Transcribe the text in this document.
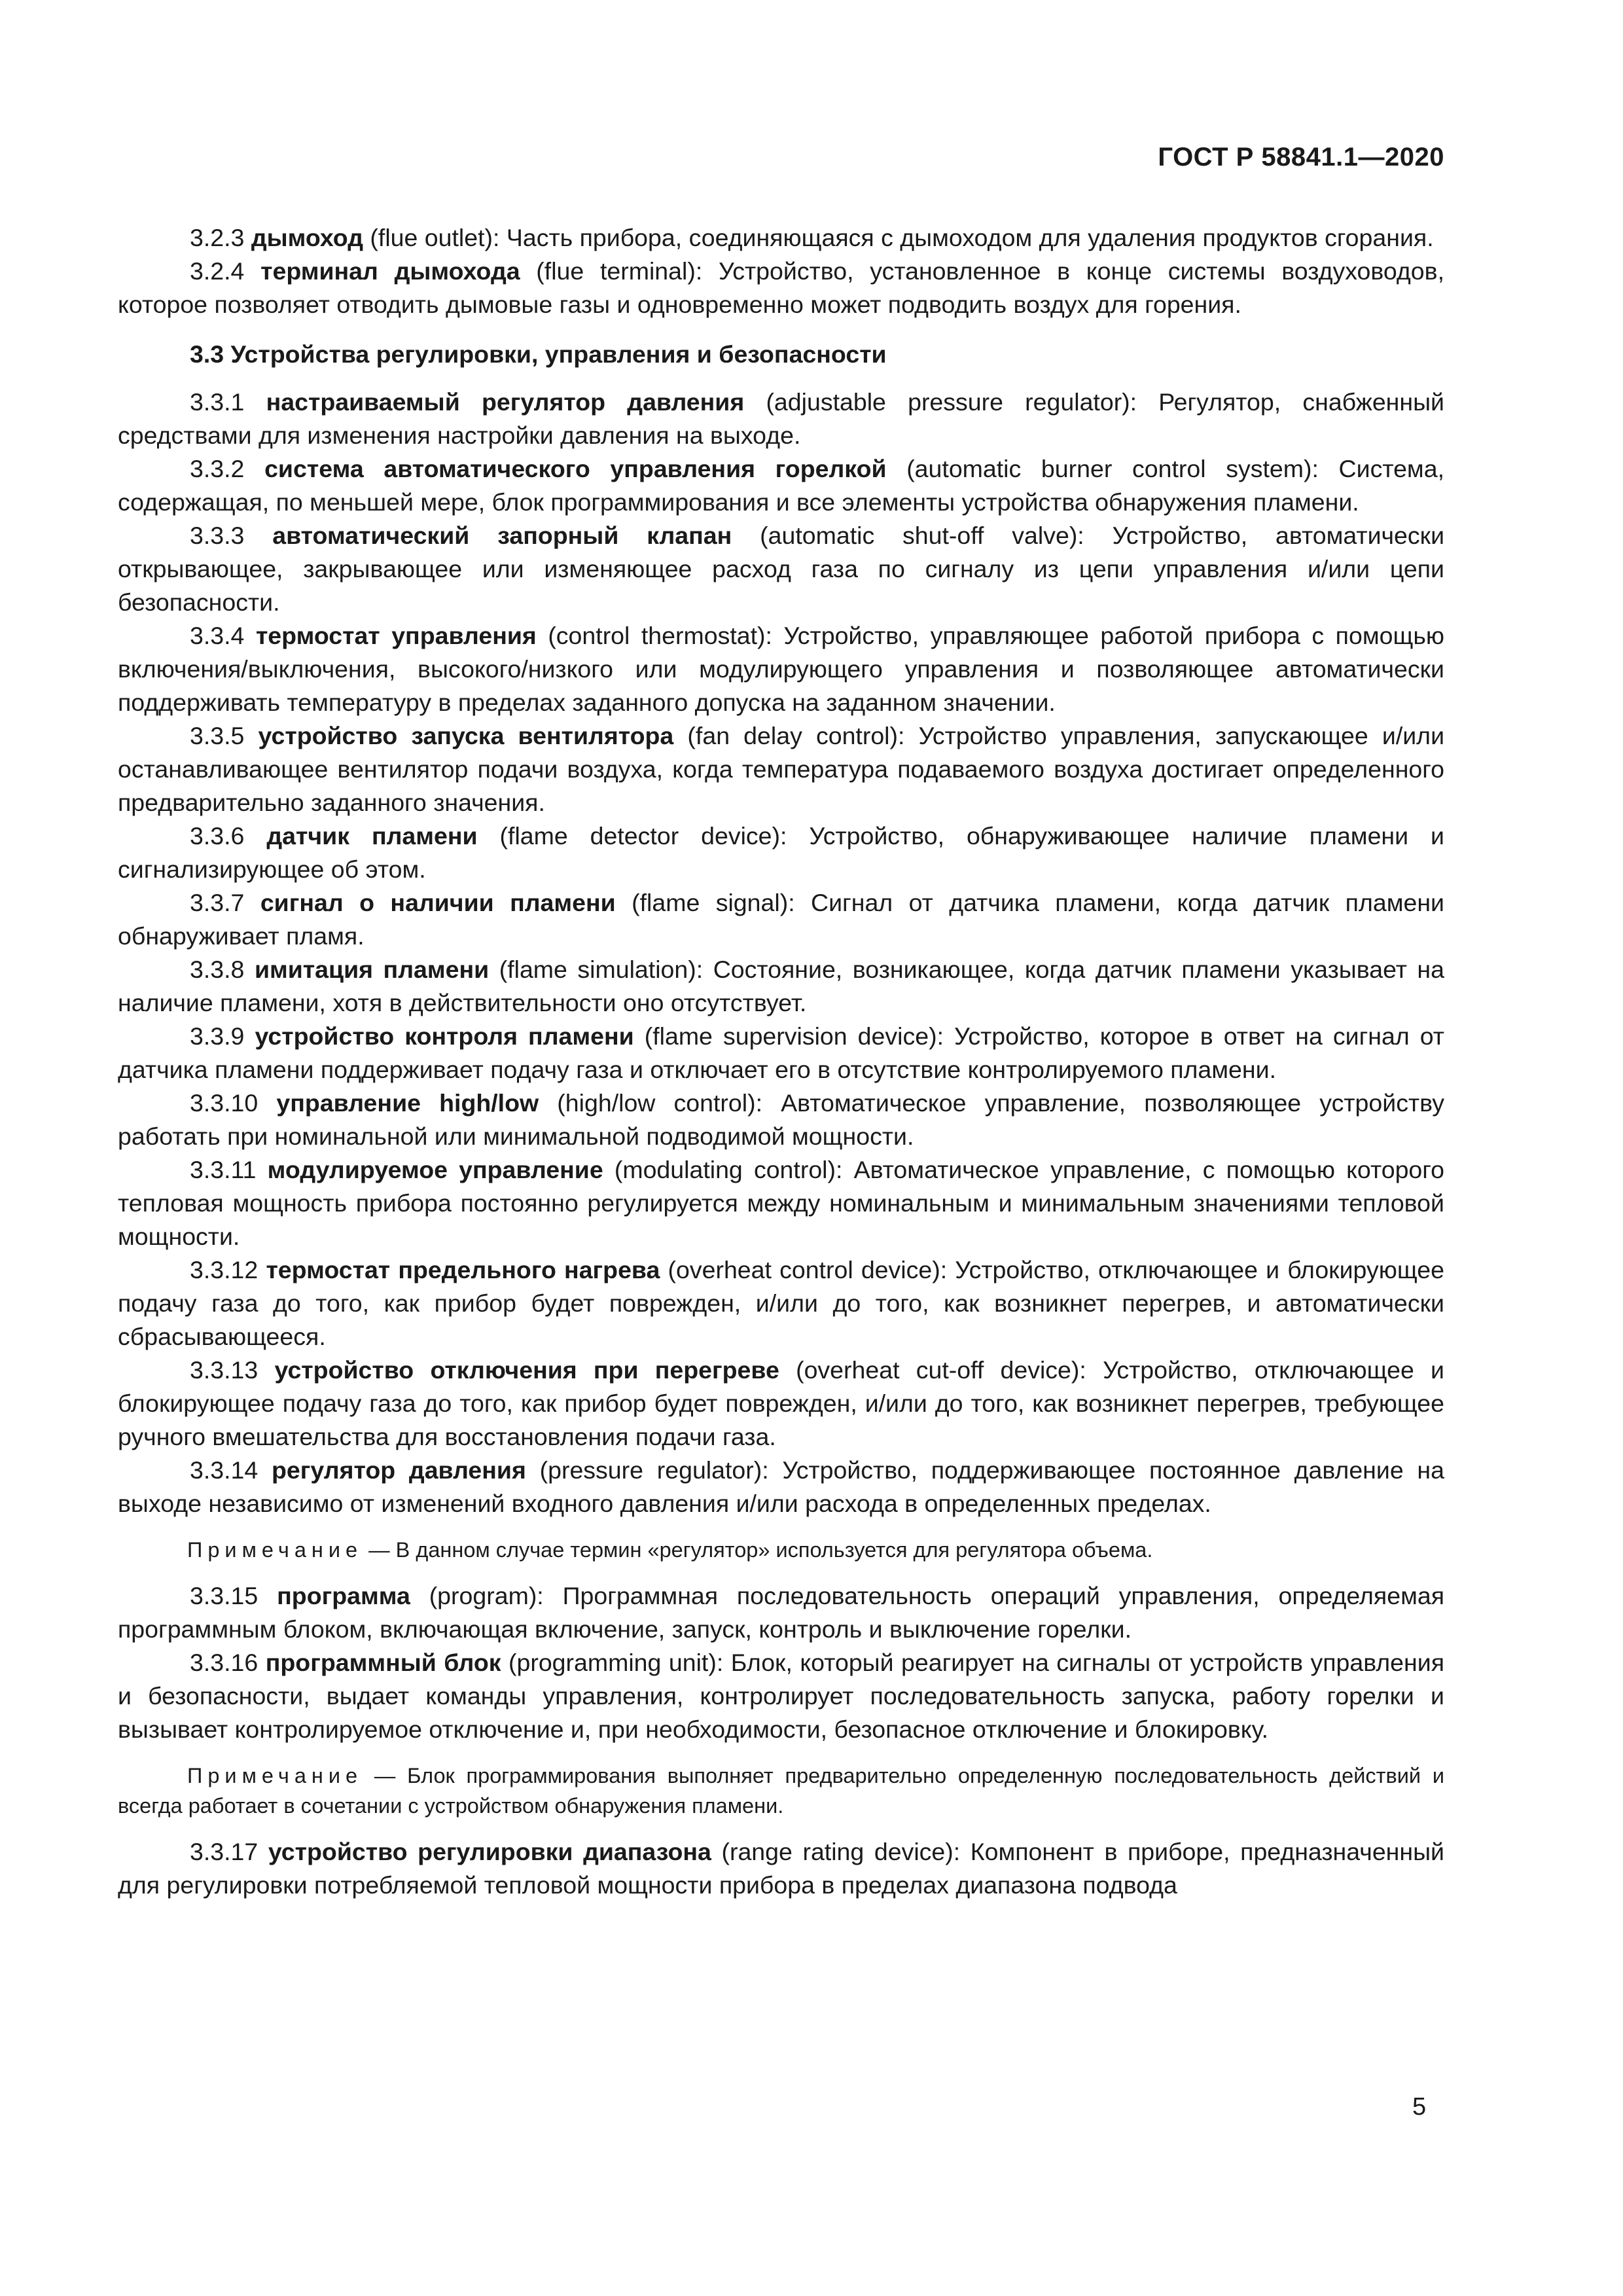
ГОСТ Р 58841.1—2020

3.2.3 дымоход (flue outlet): Часть прибора, соединяющаяся с дымоходом для удаления продуктов сгорания.

3.2.4 терминал дымохода (flue terminal): Устройство, установленное в конце системы воздуховодов, которое позволяет отводить дымовые газы и одновременно может подводить воздух для горения.

3.3 Устройства регулировки, управления и безопасности

3.3.1 настраиваемый регулятор давления (adjustable pressure regulator): Регулятор, снабженный средствами для изменения настройки давления на выходе.

3.3.2 система автоматического управления горелкой (automatic burner control system): Система, содержащая, по меньшей мере, блок программирования и все элементы устройства обнаружения пламени.

3.3.3 автоматический запорный клапан (automatic shut-off valve): Устройство, автоматически открывающее, закрывающее или изменяющее расход газа по сигналу из цепи управления и/или цепи безопасности.

3.3.4 термостат управления (control thermostat): Устройство, управляющее работой прибора с помощью включения/выключения, высокого/низкого или модулирующего управления и позволяющее автоматически поддерживать температуру в пределах заданного допуска на заданном значении.

3.3.5 устройство запуска вентилятора (fan delay control): Устройство управления, запускающее и/или останавливающее вентилятор подачи воздуха, когда температура подаваемого воздуха достигает определенного предварительно заданного значения.

3.3.6 датчик пламени (flame detector device): Устройство, обнаруживающее наличие пламени и сигнализирующее об этом.

3.3.7 сигнал о наличии пламени (flame signal): Сигнал от датчика пламени, когда датчик пламени обнаруживает пламя.

3.3.8 имитация пламени (flame simulation): Состояние, возникающее, когда датчик пламени указывает на наличие пламени, хотя в действительности оно отсутствует.

3.3.9 устройство контроля пламени (flame supervision device): Устройство, которое в ответ на сигнал от датчика пламени поддерживает подачу газа и отключает его в отсутствие контролируемого пламени.

3.3.10 управление high/low (high/low control): Автоматическое управление, позволяющее устройству работать при номинальной или минимальной подводимой мощности.

3.3.11 модулируемое управление (modulating control): Автоматическое управление, с помощью которого тепловая мощность прибора постоянно регулируется между номинальным и минимальным значениями тепловой мощности.

3.3.12 термостат предельного нагрева (overheat control device): Устройство, отключающее и блокирующее подачу газа до того, как прибор будет поврежден, и/или до того, как возникнет перегрев, и автоматически сбрасывающееся.

3.3.13 устройство отключения при перегреве (overheat cut-off device): Устройство, отключающее и блокирующее подачу газа до того, как прибор будет поврежден, и/или до того, как возникнет перегрев, требующее ручного вмешательства для восстановления подачи газа.

3.3.14 регулятор давления (pressure regulator): Устройство, поддерживающее постоянное давление на выходе независимо от изменений входного давления и/или расхода в определенных пределах.

Примечание — В данном случае термин «регулятор» используется для регулятора объема.

3.3.15 программа (program): Программная последовательность операций управления, определяемая программным блоком, включающая включение, запуск, контроль и выключение горелки.

3.3.16 программный блок (programming unit): Блок, который реагирует на сигналы от устройств управления и безопасности, выдает команды управления, контролирует последовательность запуска, работу горелки и вызывает контролируемое отключение и, при необходимости, безопасное отключение и блокировку.

Примечание — Блок программирования выполняет предварительно определенную последовательность действий и всегда работает в сочетании с устройством обнаружения пламени.

3.3.17 устройство регулировки диапазона (range rating device): Компонент в приборе, предназначенный для регулировки потребляемой тепловой мощности прибора в пределах диапазона подвода

5
